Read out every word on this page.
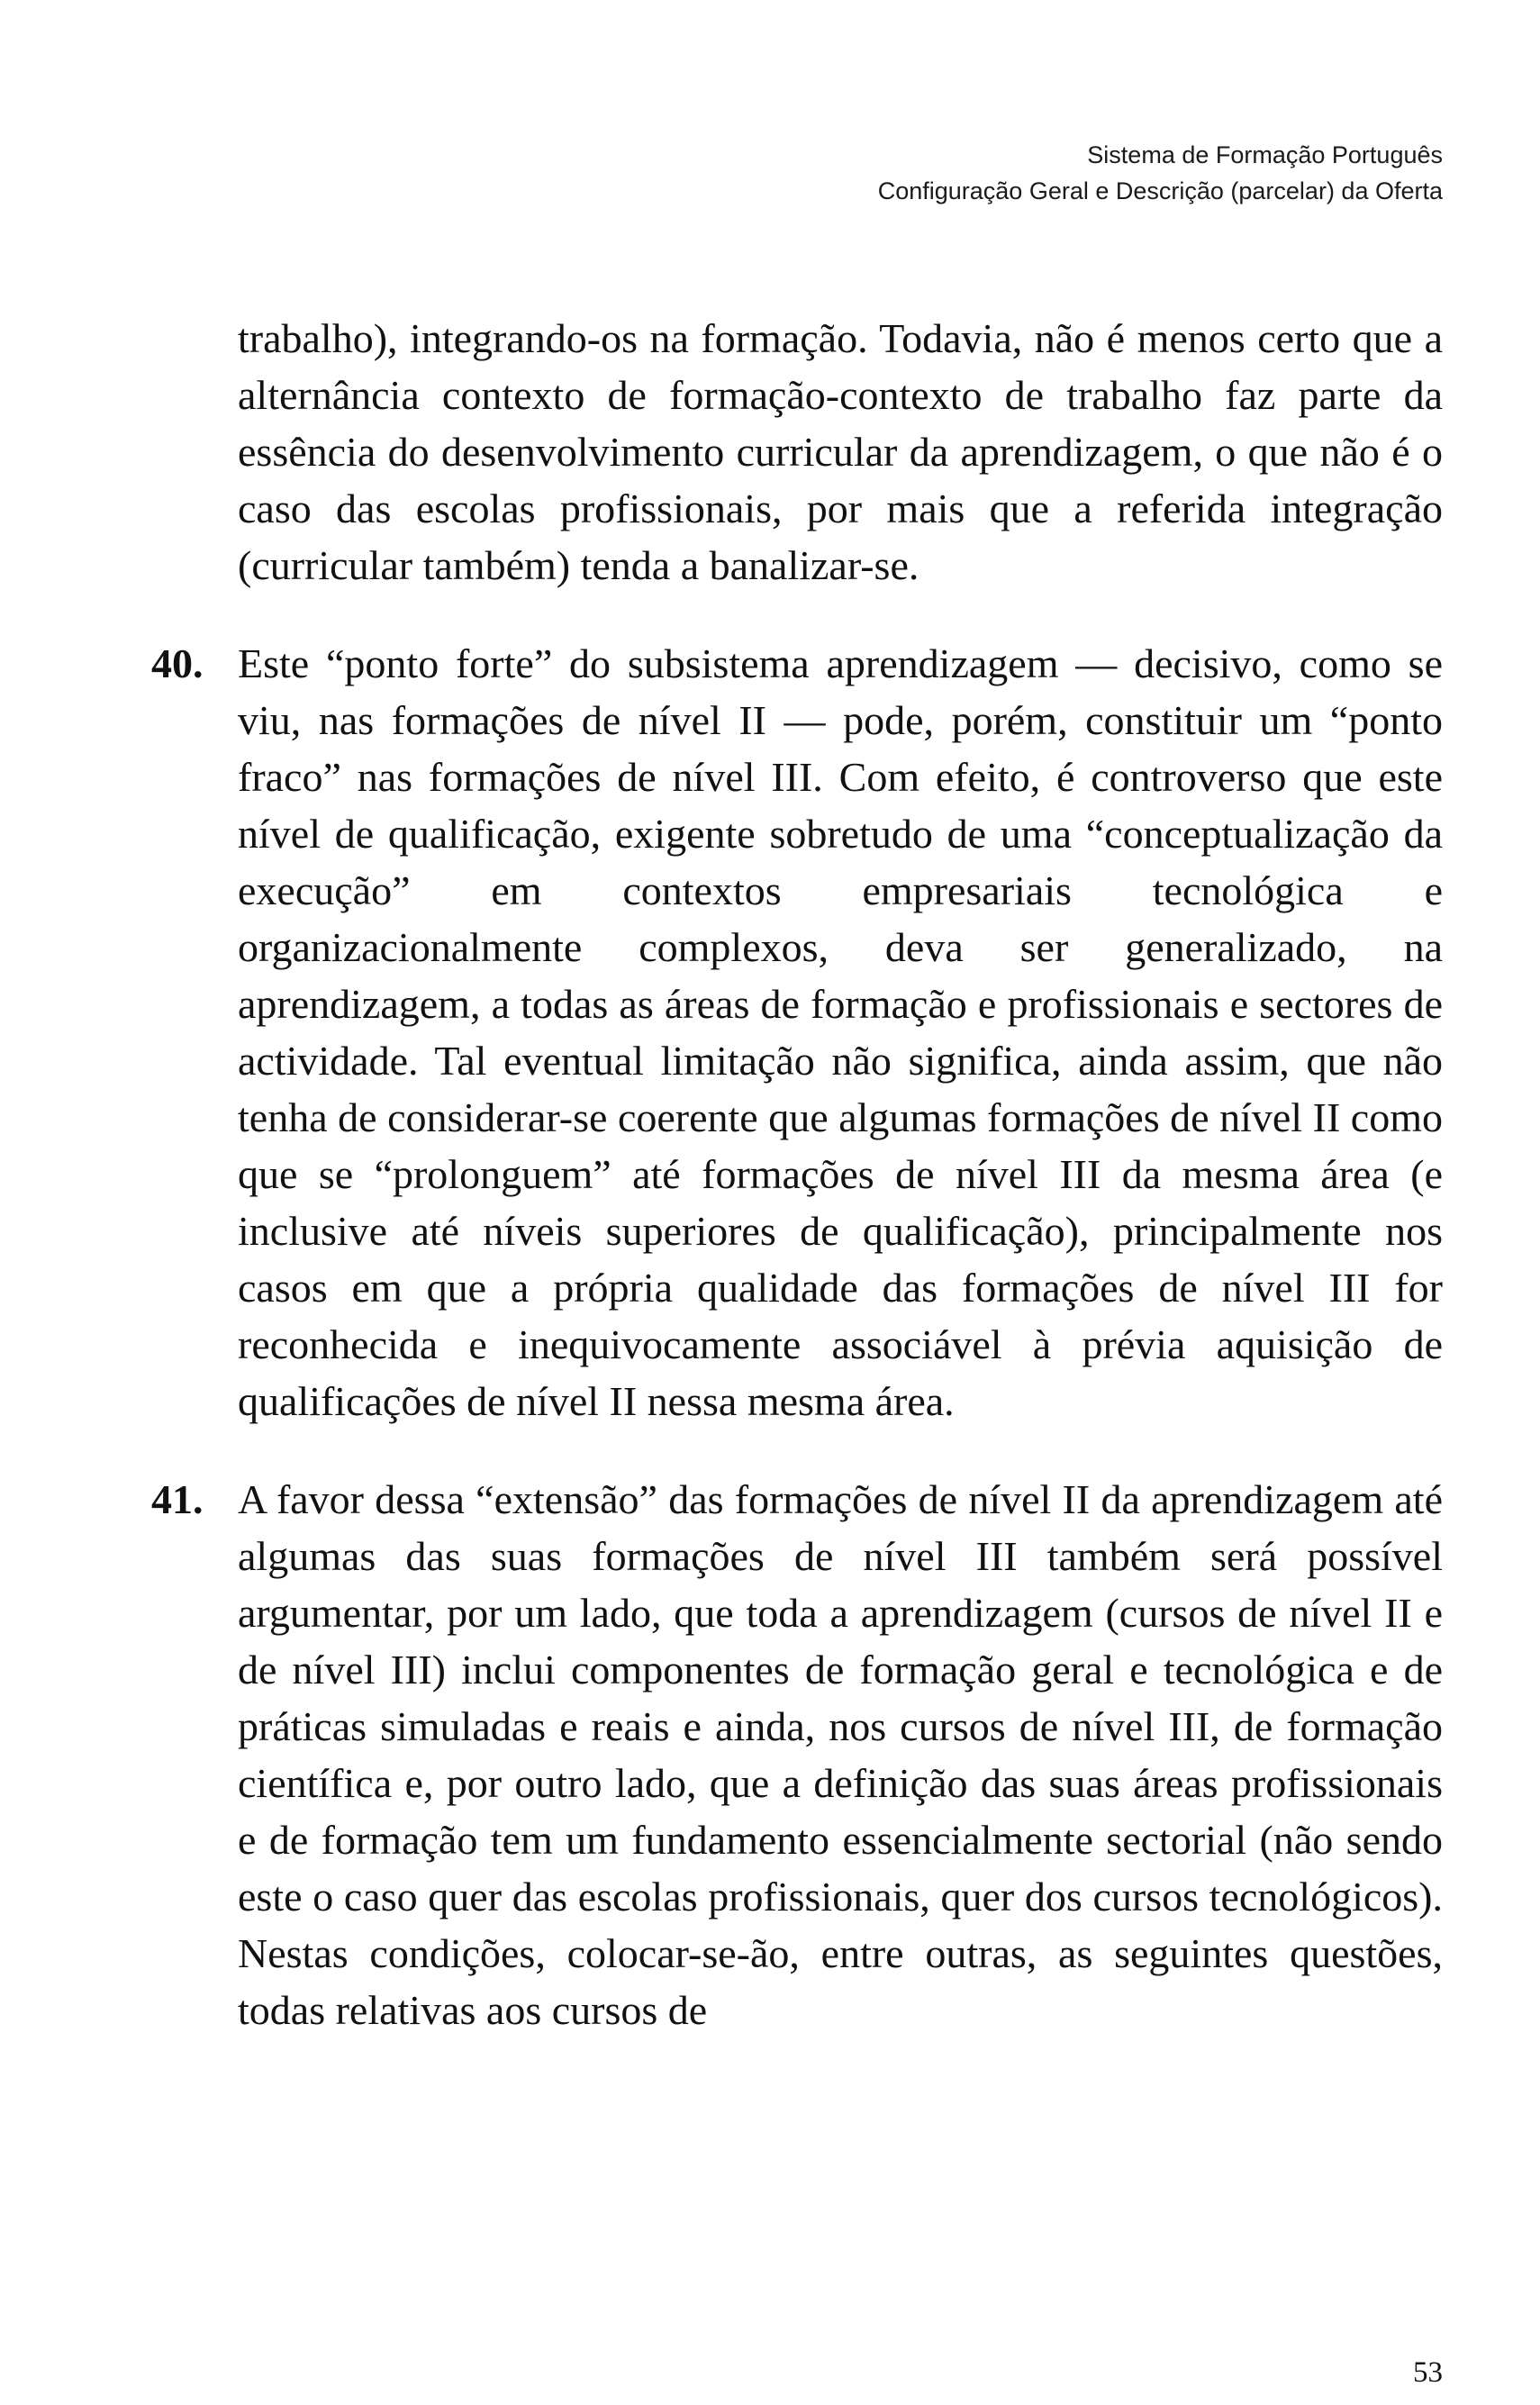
Sistema de Formação Português
Configuração Geral e Descrição (parcelar) da Oferta

trabalho), integrando-os na formação. Todavia, não é menos certo que a alternância contexto de formação-contexto de trabalho faz parte da essência do desenvolvimento curricular da aprendizagem, o que não é o caso das escolas profissionais, por mais que a referida integração (curricular também) tenda a banalizar-se.

40. Este “ponto forte” do subsistema aprendizagem — decisivo, como se viu, nas formações de nível II — pode, porém, constituir um “ponto fraco” nas formações de nível III. Com efeito, é controverso que este nível de qualificação, exigente sobretudo de uma “conceptualização da execução” em contextos empresariais tecnológica e organizacionalmente complexos, deva ser generalizado, na aprendizagem, a todas as áreas de formação e profissionais e sectores de actividade. Tal eventual limitação não significa, ainda assim, que não tenha de considerar-se coerente que algumas formações de nível II como que se “prolonguem” até formações de nível III da mesma área (e inclusive até níveis superiores de qualificação), principalmente nos casos em que a própria qualidade das formações de nível III for reconhecida e inequivocamente associável à prévia aquisição de qualificações de nível II nessa mesma área.

41. A favor dessa “extensão” das formações de nível II da aprendizagem até algumas das suas formações de nível III também será possível argumentar, por um lado, que toda a aprendizagem (cursos de nível II e de nível III) inclui componentes de formação geral e tecnológica e de práticas simuladas e reais e ainda, nos cursos de nível III, de formação científica e, por outro lado, que a definição das suas áreas profissionais e de formação tem um fundamento essencialmente sectorial (não sendo este o caso quer das escolas profissionais, quer dos cursos tecnológicos). Nestas condições, colocar-se-ão, entre outras, as seguintes questões, todas relativas aos cursos de

53
